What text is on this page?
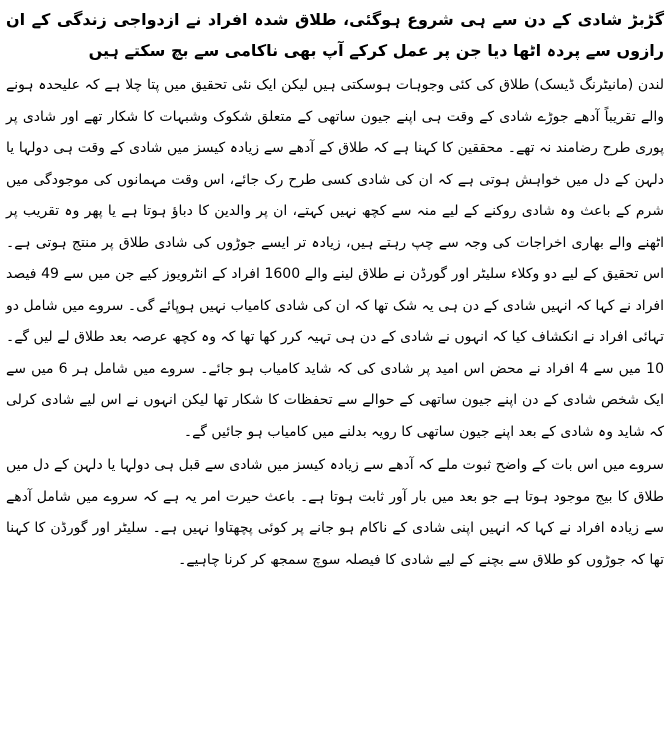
گڑبڑ شادی کے دن سے ہی شروع ہوگئی، طلاق شدہ افراد نے ازدواجی زندگی کے ان رازوں سے پردہ اٹھا دیا جن پر عمل کرکے آپ بھی ناکامی سے بچ سکتے ہیں

لندن (مانیٹرنگ ڈیسک) طلاق کی کئی وجوہات ہوسکتی ہیں لیکن ایک نئی تحقیق میں پتا چلا ہے کہ علیحدہ ہونے والے تقریباً آدھے جوڑے شادی کے وقت ہی اپنے جیون ساتھی کے متعلق شکوک وشبہات کا شکار تھے اور شادی پر پوری طرح رضامند نہ تھے۔ محققین کا کہنا ہے کہ طلاق کے آدھے سے زیادہ کیسز میں شادی کے وقت ہی دولہا یا دلہن کے دل میں خواہش ہوتی ہے کہ ان کی شادی کسی طرح رک جائے، اس وقت مہمانوں کی موجودگی میں شرم کے باعث وہ شادی روکنے کے لیے منہ سے کچھ نہیں کہتے، ان پر والدین کا دباؤ ہوتا ہے یا پھر وہ تقریب پر اٹھنے والے بھاری اخراجات کی وجہ سے چپ رہتے ہیں، زیادہ تر ایسے جوڑوں کی شادی طلاق پر منتج ہوتی ہے۔ اس تحقیق کے لیے دو وکلاء سلیٹر اور گورڈن نے طلاق لینے والے 1600 افراد کے انٹرویوز کیے جن میں سے 49 فیصد افراد نے کہا کہ انہیں شادی کے دن ہی یہ شک تھا کہ ان کی شادی کامیاب نہیں ہوپائے گی۔ سروے میں شامل دو تہائی افراد نے انکشاف کیا کہ انہوں نے شادی کے دن ہی تہیہ کرر کھا تھا کہ وہ کچھ عرصہ بعد طلاق لے لیں گے۔ 10 میں سے 4 افراد نے محض اس امید پر شادی کی کہ شاید کامیاب ہو جائے۔ سروے میں شامل ہر 6 میں سے ایک شخص شادی کے دن اپنے جیون ساتھی کے حوالے سے تحفظات کا شکار تھا لیکن انہوں نے اس لیے شادی کرلی کہ شاید وہ شادی کے بعد اپنے جیون ساتھی کا رویہ بدلنے میں کامیاب ہو جائیں گے۔

سروے میں اس بات کے واضح ثبوت ملے کہ آدھے سے زیادہ کیسز میں شادی سے قبل ہی دولہا یا دلہن کے دل میں طلاق کا بیج موجود ہوتا ہے جو بعد میں بار آور ثابت ہوتا ہے۔ باعث حیرت امر یہ ہے کہ سروے میں شامل آدھے سے زیادہ افراد نے کہا کہ انہیں اپنی شادی کے ناکام ہو جانے پر کوئی پچھتاوا نہیں ہے۔ سلیٹر اور گورڈن کا کہنا تھا کہ جوڑوں کو طلاق سے بچنے کے لیے شادی کا فیصلہ سوچ سمجھ کر کرنا چاہیے۔
